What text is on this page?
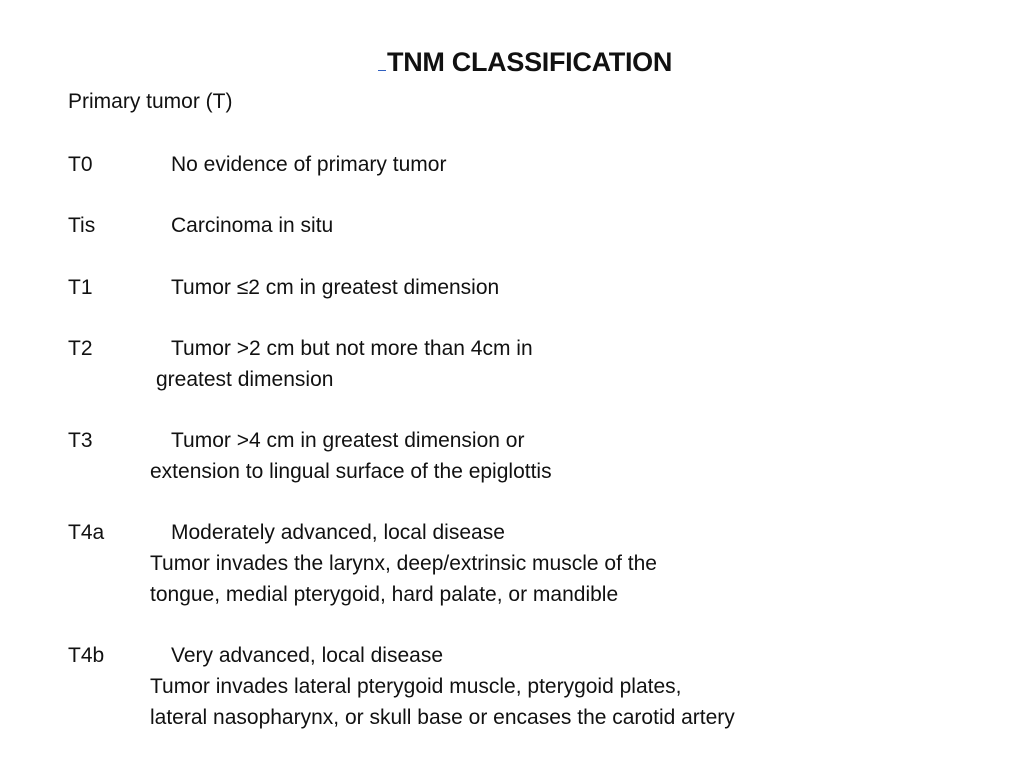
TNM CLASSIFICATION
Primary tumor (T)
T0	No evidence of primary tumor
Tis	Carcinoma in situ
T1	Tumor ≤2 cm in greatest dimension
T2	Tumor >2 cm but not more than 4cm in
greatest dimension
T3	Tumor >4 cm in greatest dimension or
extension to lingual surface of the epiglottis
T4a	Moderately advanced, local disease
Tumor invades the larynx, deep/extrinsic muscle of the
tongue, medial pterygoid, hard palate, or mandible
T4b	Very advanced, local disease
Tumor invades lateral pterygoid muscle, pterygoid plates,
lateral nasopharynx, or skull base or encases the carotid artery
